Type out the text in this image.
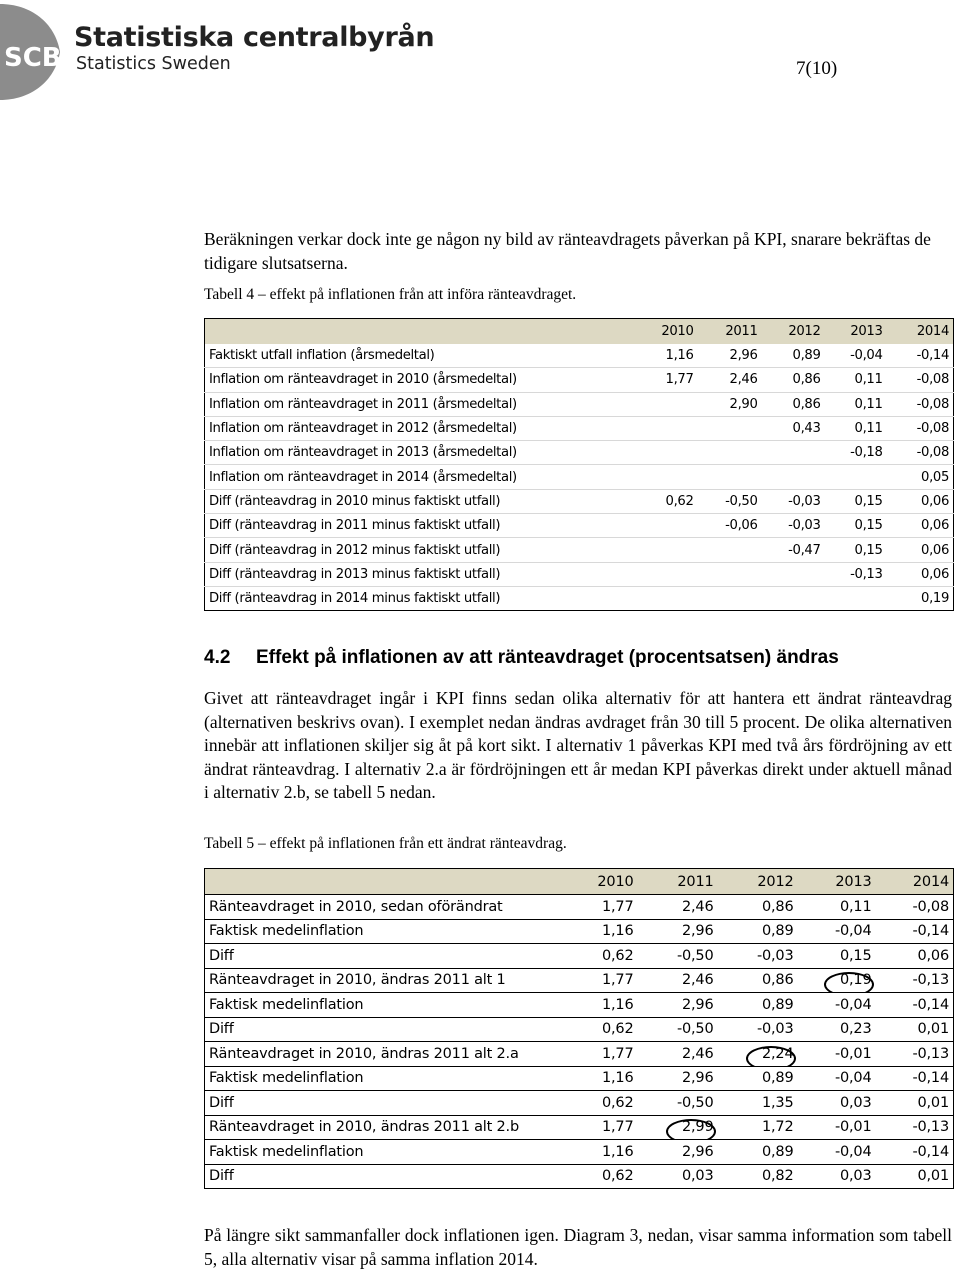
SCB
Statistiska centralbyrån
Statistics Sweden	7(10)

Beräkningen verkar dock inte ge någon ny bild av ränteavdragets påverkan på KPI, snarare bekräftas de tidigare slutsatserna.

Tabell 4 – effekt på inflationen från att införa ränteavdraget.
	2010	2011	2012	2013	2014
Faktiskt utfall inflation (årsmedeltal)	1,16	2,96	0,89	-0,04	-0,14
Inflation om ränteavdraget in 2010 (årsmedeltal)	1,77	2,46	0,86	0,11	-0,08
Inflation om ränteavdraget in 2011 (årsmedeltal)		2,90	0,86	0,11	-0,08
Inflation om ränteavdraget in 2012 (årsmedeltal)			0,43	0,11	-0,08
Inflation om ränteavdraget in 2013 (årsmedeltal)				-0,18	-0,08
Inflation om ränteavdraget in 2014 (årsmedeltal)					0,05
Diff (ränteavdrag in 2010 minus faktiskt utfall)	0,62	-0,50	-0,03	0,15	0,06
Diff (ränteavdrag in 2011 minus faktiskt utfall)		-0,06	-0,03	0,15	0,06
Diff (ränteavdrag in 2012 minus faktiskt utfall)			-0,47	0,15	0,06
Diff (ränteavdrag in 2013 minus faktiskt utfall)				-0,13	0,06
Diff (ränteavdrag in 2014 minus faktiskt utfall)					0,19
4.2 Effekt på inflationen av att ränteavdraget (procentsatsen) ändras

Givet att ränteavdraget ingår i KPI finns sedan olika alternativ för att hantera ett ändrat ränteavdrag (alternativen beskrivs ovan). I exemplet nedan ändras avdraget från 30 till 5 procent. De olika alternativen innebär att inflationen skiljer sig åt på kort sikt. I alternativ 1 påverkas KPI med två års fördröjning av ett ändrat ränteavdrag. I alternativ 2.a är fördröjningen ett år medan KPI påverkas direkt under aktuell månad i alternativ 2.b, se tabell 5 nedan.

Tabell 5 – effekt på inflationen från ett ändrat ränteavdrag.
	2010	2011	2012	2013	2014
Ränteavdraget in 2010, sedan oförändrat	1,77	2,46	0,86	0,11	-0,08
Faktisk medelinflation	1,16	2,96	0,89	-0,04	-0,14
Diff	0,62	-0,50	-0,03	0,15	0,06
Ränteavdraget in 2010, ändras 2011 alt 1	1,77	2,46	0,86	0,19	-0,13
Faktisk medelinflation	1,16	2,96	0,89	-0,04	-0,14
Diff	0,62	-0,50	-0,03	0,23	0,01
Ränteavdraget in 2010, ändras 2011 alt 2.a	1,77	2,46	2,24	-0,01	-0,13
Faktisk medelinflation	1,16	2,96	0,89	-0,04	-0,14
Diff	0,62	-0,50	1,35	0,03	0,01
Ränteavdraget in 2010, ändras 2011 alt 2.b	1,77	2,99	1,72	-0,01	-0,13
Faktisk medelinflation	1,16	2,96	0,89	-0,04	-0,14
Diff	0,62	0,03	0,82	0,03	0,01

På längre sikt sammanfaller dock inflationen igen. Diagram 3, nedan, visar samma information som tabell 5, alla alternativ visar på samma inflation 2014.
